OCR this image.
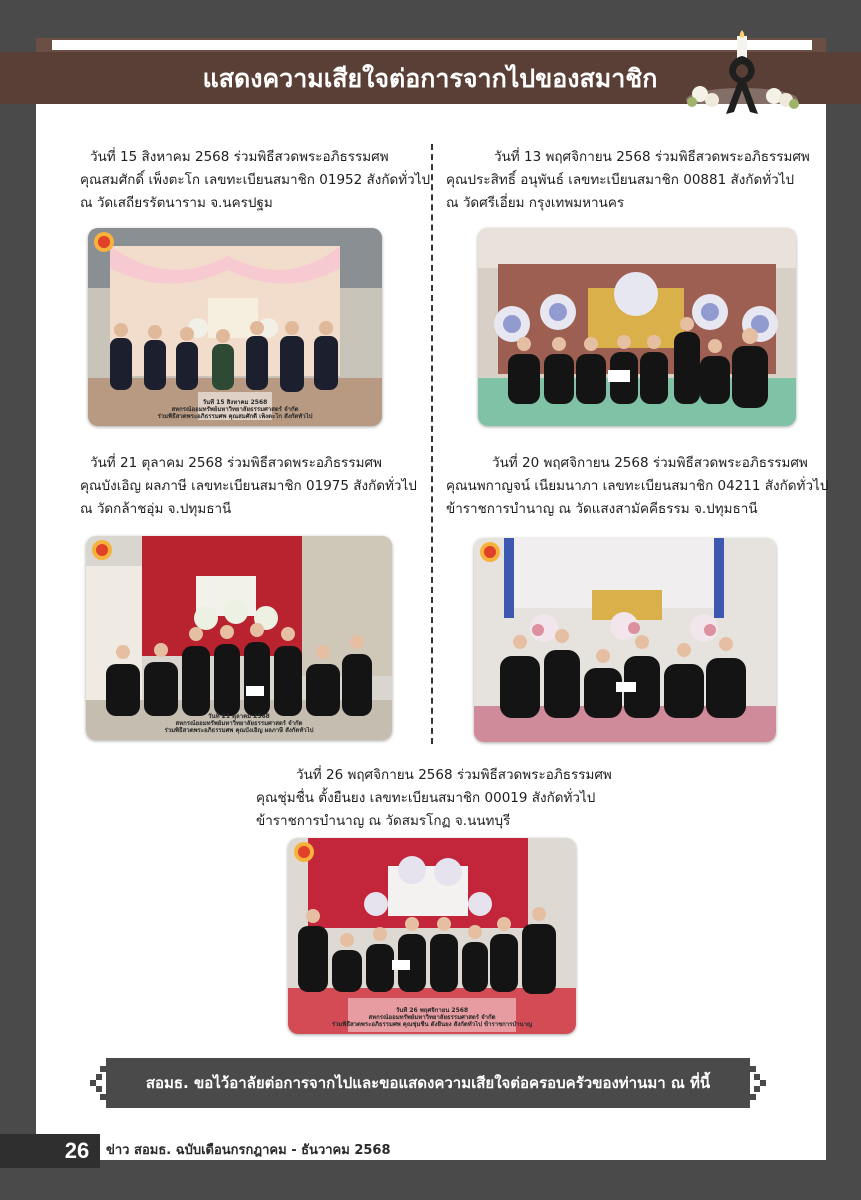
แสดงความเสียใจต่อการจากไปของสมาชิก

วันที่ 15 สิงหาคม 2568 ร่วมพิธีสวดพระอภิธรรมศพ

คุณสมศักดิ์ เพ็งตะโก เลขทะเบียนสมาชิก 01952 สังกัดทั่วไป

ณ วัดเสถียรรัตนาราม จ.นครปฐม

วันที่ 15 สิงหาคม 2568
สหกรณ์ออมทรัพย์มหาวิทยาลัยธรรมศาสตร์ จำกัด
ร่วมพิธีสวดพระอภิธรรมศพ คุณสมศักดิ์ เพ็งตะโก สังกัดทั่วไป

วันที่ 13 พฤศจิกายน 2568 ร่วมพิธีสวดพระอภิธรรมศพ

คุณประสิทธิ์ อนุพันธ์ เลขทะเบียนสมาชิก 00881 สังกัดทั่วไป

ณ วัดศรีเอี่ยม กรุงเทพมหานคร

วันที่ 21 ตุลาคม 2568 ร่วมพิธีสวดพระอภิธรรมศพ

คุณบังเอิญ ผลภาษี เลขทะเบียนสมาชิก 01975 สังกัดทั่วไป

ณ วัดกล้าชอุ่ม จ.ปทุมธานี

วันที่ 21 ตุลาคม 2568
สหกรณ์ออมทรัพย์มหาวิทยาลัยธรรมศาสตร์ จำกัด
ร่วมพิธีสวดพระอภิธรรมศพ คุณบังเอิญ ผลภาษี สังกัดทั่วไป

วันที่ 20 พฤศจิกายน 2568 ร่วมพิธีสวดพระอภิธรรมศพ

คุณนพกาญจน์ เนียมนาภา เลขทะเบียนสมาชิก 04211 สังกัดทั่วไป

ข้าราชการบำนาญ ณ วัดแสงสามัคคีธรรม จ.ปทุมธานี

วันที่ 26 พฤศจิกายน 2568 ร่วมพิธีสวดพระอภิธรรมศพ

คุณชุ่มชื่น ตั้งยืนยง เลขทะเบียนสมาชิก 00019 สังกัดทั่วไป

ข้าราชการบำนาญ ณ วัดสมรโกฏ จ.นนทบุรี

วันที่ 26 พฤศจิกายน 2568
สหกรณ์ออมทรัพย์มหาวิทยาลัยธรรมศาสตร์ จำกัด
ร่วมพิธีสวดพระอภิธรรมศพ คุณชุ่มชื่น ตั้งยืนยง สังกัดทั่วไป ข้าราชการบำนาญ
สอมธ. ขอไว้อาลัยต่อการจากไปและขอแสดงความเสียใจต่อครอบครัวของท่านมา ณ ที่นี้
26	ข่าว สอมธ. ฉบับเดือนกรกฎาคม - ธันวาคม 2568
